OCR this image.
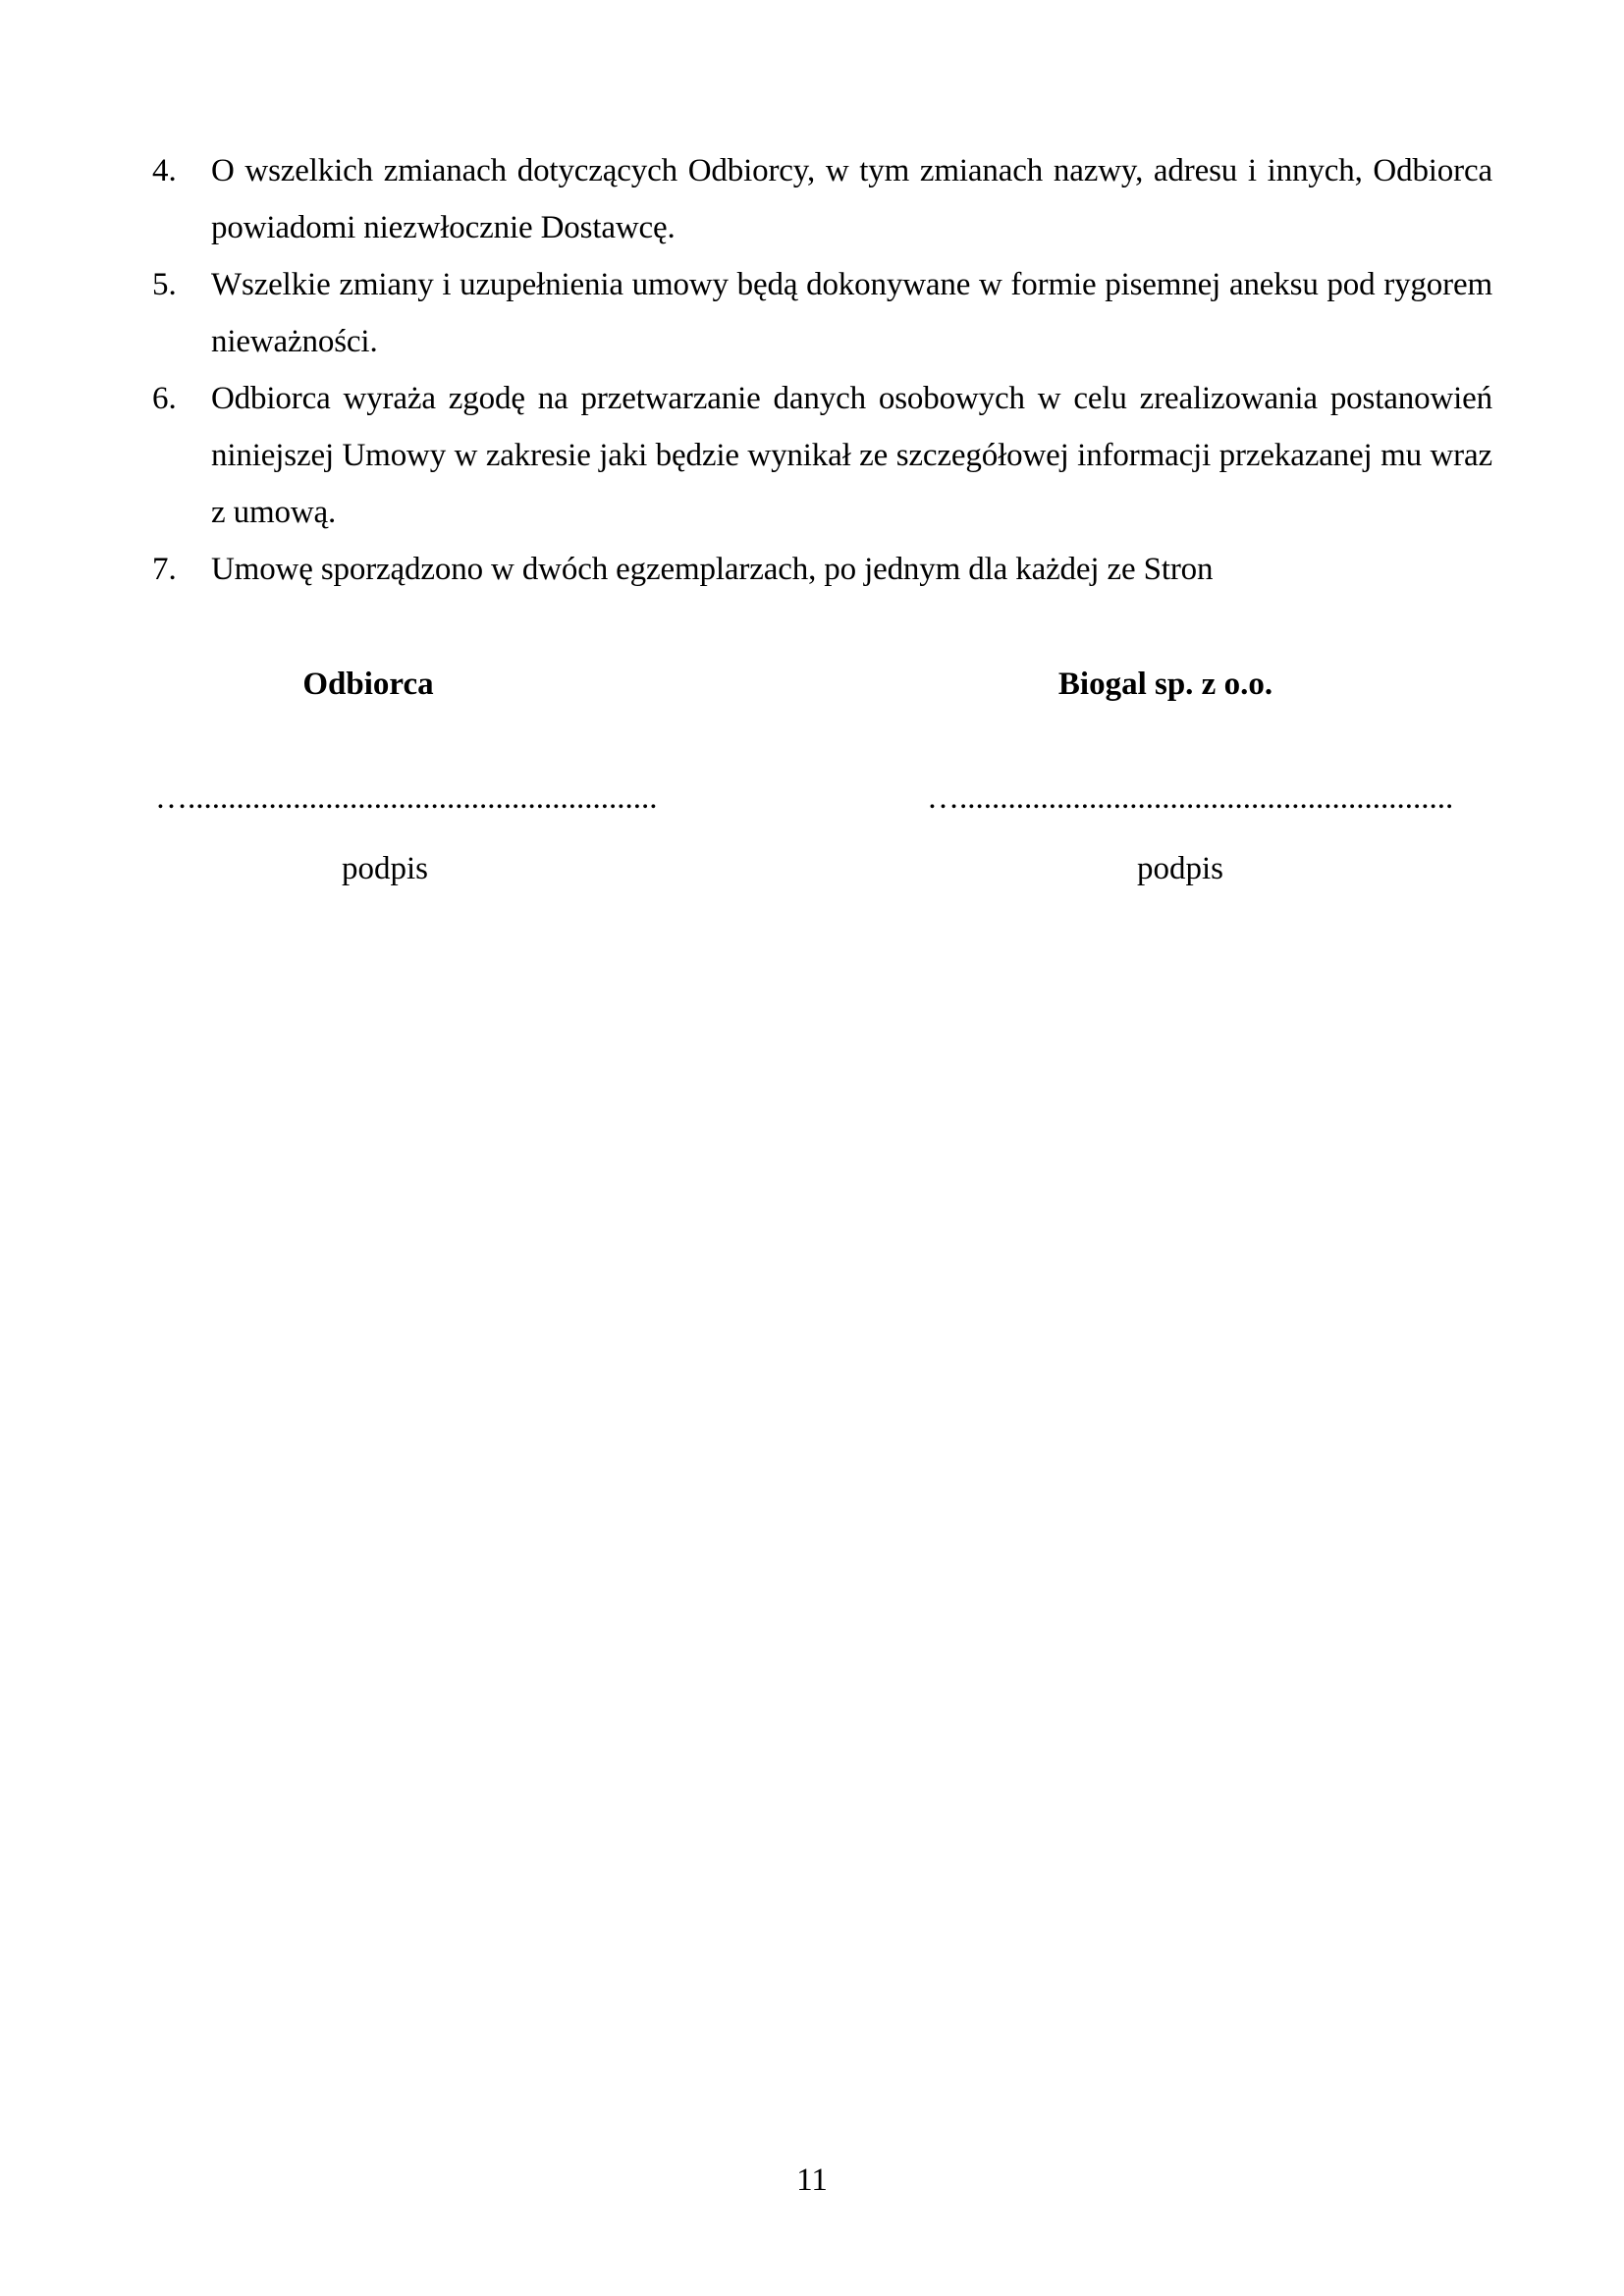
4. O wszelkich zmianach dotyczących Odbiorcy, w tym zmianach nazwy, adresu i innych, Odbiorca powiadomi niezwłocznie Dostawcę.
5. Wszelkie zmiany i uzupełnienia umowy będą dokonywane w formie pisemnej aneksu pod rygorem nieważności.
6. Odbiorca wyraża zgodę na przetwarzanie danych osobowych w celu zrealizowania postanowień niniejszej Umowy w zakresie jaki będzie wynikał ze szczegółowej informacji przekazanej mu wraz z umową.
7. Umowę sporządzono w dwóch egzemplarzach, po jednym dla każdej ze Stron
Odbiorca	Biogal sp. z o.o.
…..........................................................	….............................................................
podpis	podpis
11
